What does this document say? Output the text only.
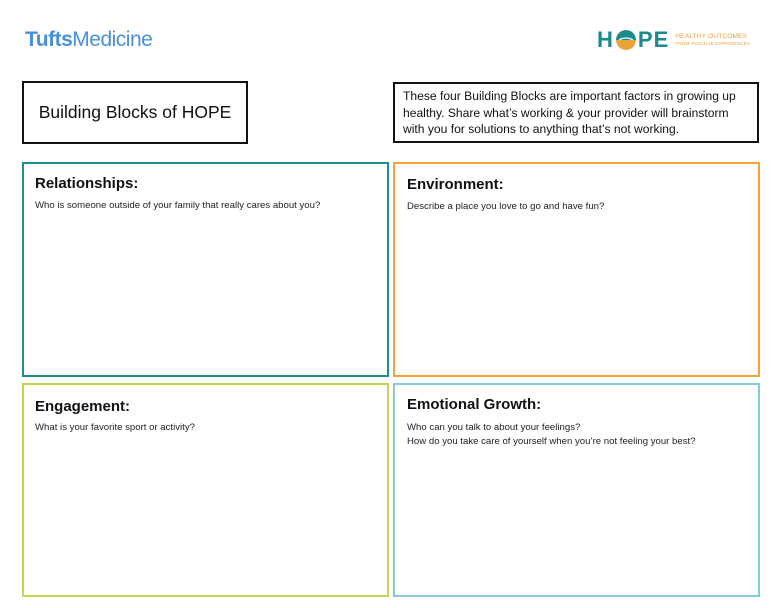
TuftsMedicine	H P E HEALTHY OUTCOMES
FROM POSITIVE EXPERIENCES
Building Blocks of HOPE
These four Building Blocks are important factors in growing up healthy. Share what’s working & your provider will brainstorm with you for solutions to anything that’s not working.
Relationships:

Who is someone outside of your family that really cares about you?

Environment:

Describe a place you love to go and have fun?

Engagement:

What is your favorite sport or activity?

Emotional Growth:

Who can you talk to about your feelings?

How do you take care of yourself when you’re not feeling your best?
